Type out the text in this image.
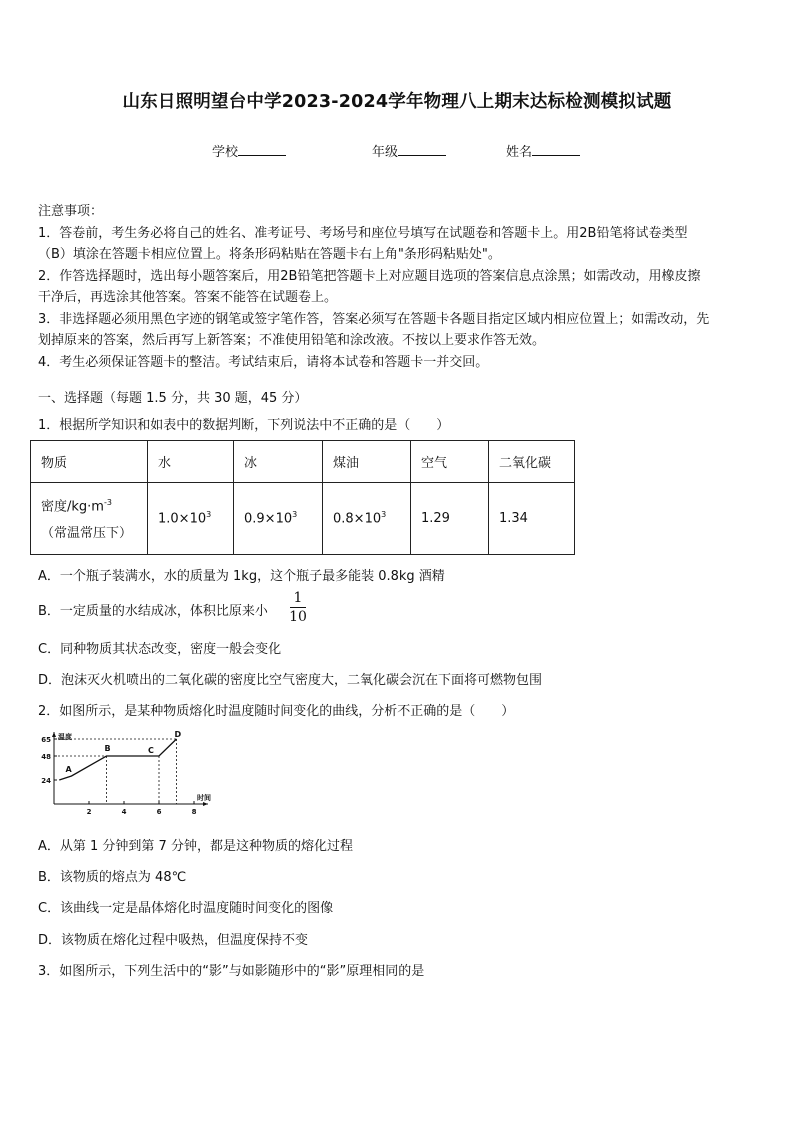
山东日照明望台中学2023-2024学年物理八上期末达标检测模拟试题
学校	年级	姓名
注意事项：
1．答卷前，考生务必将自己的姓名、准考证号、考场号和座位号填写在试题卷和答题卡上。用2B铅笔将试卷类型
（B）填涂在答题卡相应位置上。将条形码粘贴在答题卡右上角"条形码粘贴处"。
2．作答选择题时，选出每小题答案后，用2B铅笔把答题卡上对应题目选项的答案信息点涂黑；如需改动，用橡皮擦
干净后，再选涂其他答案。答案不能答在试题卷上。
3．非选择题必须用黑色字迹的钢笔或签字笔作答，答案必须写在答题卡各题目指定区域内相应位置上；如需改动，先
划掉原来的答案，然后再写上新答案；不准使用铅笔和涂改液。不按以上要求作答无效。
4．考生必须保证答题卡的整洁。考试结束后，请将本试卷和答题卡一并交回。
一、选择题（每题 1.5 分，共 30 题，45 分）
1．根据所学知识和如表中的数据判断，下列说法中不正确的是（　　）
物质	水	冰	煤油	空气	二氧化碳

密度$/kg\cdot m^{-3}$
（常温常压下）	$1.0\times 10^3$	$0.9\times 10^3$	$0.8\times 10^3$	1.29	1.34
A．一个瓶子装满水，水的质量为 1kg，这个瓶子最多能装 0.8kg 酒精
B．一定质量的水结成冰，体积比原来小
1
10
C．同种物质其状态改变，密度一般会变化
D．泡沫灭火机喷出的二氧化碳的密度比空气密度大，二氧化碳会沉在下面将可燃物包围
2．如图所示，是某种物质熔化时温度随时间变化的曲线，分析不正确的是（　　）
温度
时间
65
48
24
2	4	6	8
A
B	C
D
A．从第 1 分钟到第 7 分钟，都是这种物质的熔化过程
B．该物质的熔点为 48℃
C．该曲线一定是晶体熔化时温度随时间变化的图像
D．该物质在熔化过程中吸热，但温度保持不变
3．如图所示，下列生活中的“影”与如影随形中的“影”原理相同的是
